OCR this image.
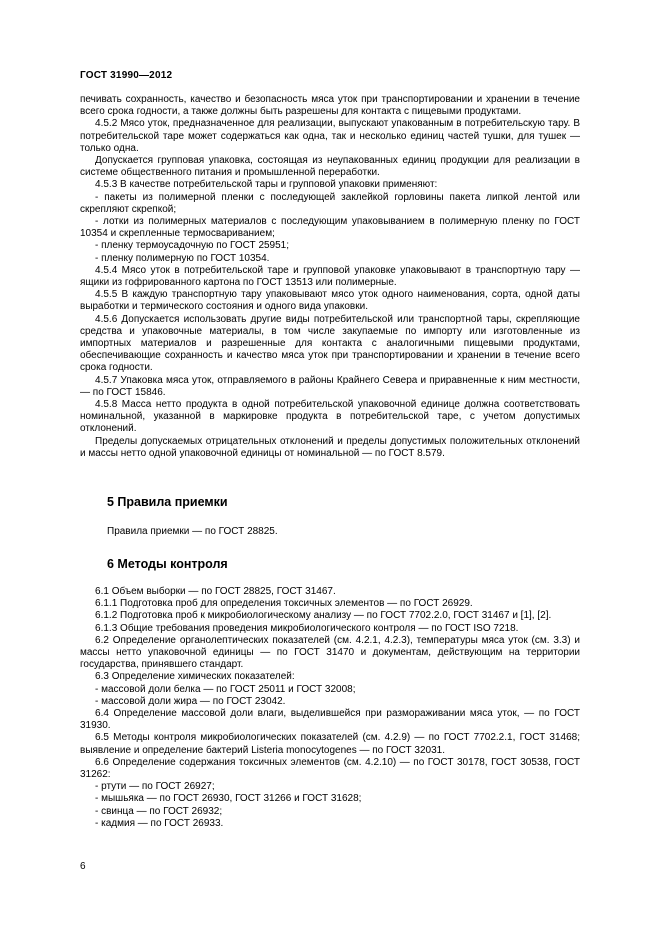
ГОСТ 31990—2012

печивать сохранность, качество и безопасность мяса уток при транспортировании и хранении в течение всего срока годности, а также должны быть разрешены для контакта с пищевыми продуктами.

4.5.2 Мясо уток, предназначенное для реализации, выпускают упакованным в потребительскую тару. В потребительской таре может содержаться как одна, так и несколько единиц частей тушки, для тушек — только одна.

Допускается групповая упаковка, состоящая из неупакованных единиц продукции для реализации в системе общественного питания и промышленной переработки.

4.5.3 В качестве потребительской тары и групповой упаковки применяют:

- пакеты из полимерной пленки с последующей заклейкой горловины пакета липкой лентой или скрепляют скрепкой;

- лотки из полимерных материалов с последующим упаковыванием в полимерную пленку по ГОСТ 10354 и скрепленные термосвариванием;

- пленку термоусадочную по ГОСТ 25951;

- пленку полимерную по ГОСТ 10354.

4.5.4 Мясо уток в потребительской таре и групповой упаковке упаковывают в транспортную тару — ящики из гофрированного картона по ГОСТ 13513 или полимерные.

4.5.5 В каждую транспортную тару упаковывают мясо уток одного наименования, сорта, одной даты выработки и термического состояния и одного вида упаковки.

4.5.6 Допускается использовать другие виды потребительской или транспортной тары, скрепляющие средства и упаковочные материалы, в том числе закупаемые по импорту или изготовленные из импортных материалов и разрешенные для контакта с аналогичными пищевыми продуктами, обеспечивающие сохранность и качество мяса уток при транспортировании и хранении в течение всего срока годности.

4.5.7 Упаковка мяса уток, отправляемого в районы Крайнего Севера и приравненные к ним местности, — по ГОСТ 15846.

4.5.8 Масса нетто продукта в одной потребительской упаковочной единице должна соответствовать номинальной, указанной в маркировке продукта в потребительской таре, с учетом допустимых отклонений.

Пределы допускаемых отрицательных отклонений и пределы допустимых положительных отклонений и массы нетто одной упаковочной единицы от номинальной — по ГОСТ 8.579.

5 Правила приемки

Правила приемки — по ГОСТ 28825.

6 Методы контроля

6.1 Объем выборки — по ГОСТ 28825, ГОСТ 31467.

6.1.1 Подготовка проб для определения токсичных элементов — по ГОСТ 26929.

6.1.2 Подготовка проб к микробиологическому анализу — по ГОСТ 7702.2.0, ГОСТ 31467 и [1], [2].

6.1.3 Общие требования проведения микробиологического контроля — по ГОСТ ISO 7218.

6.2 Определение органолептических показателей (см. 4.2.1, 4.2.3), температуры мяса уток (см. 3.3) и массы нетто упаковочной единицы — по ГОСТ 31470 и документам, действующим на территории государства, принявшего стандарт.

6.3 Определение химических показателей:

- массовой доли белка — по ГОСТ 25011 и ГОСТ 32008;

- массовой доли жира — по ГОСТ 23042.

6.4 Определение массовой доли влаги, выделившейся при размораживании мяса уток, — по ГОСТ 31930.

6.5 Методы контроля микробиологических показателей (см. 4.2.9) — по ГОСТ 7702.2.1, ГОСТ 31468; выявление и определение бактерий Listeria monocytogenes — по ГОСТ 32031.

6.6 Определение содержания токсичных элементов (см. 4.2.10) — по ГОСТ 30178, ГОСТ 30538, ГОСТ 31262:

- ртути — по ГОСТ 26927;

- мышьяка — по ГОСТ 26930, ГОСТ 31266 и ГОСТ 31628;

- свинца — по ГОСТ 26932;

- кадмия — по ГОСТ 26933.

6
